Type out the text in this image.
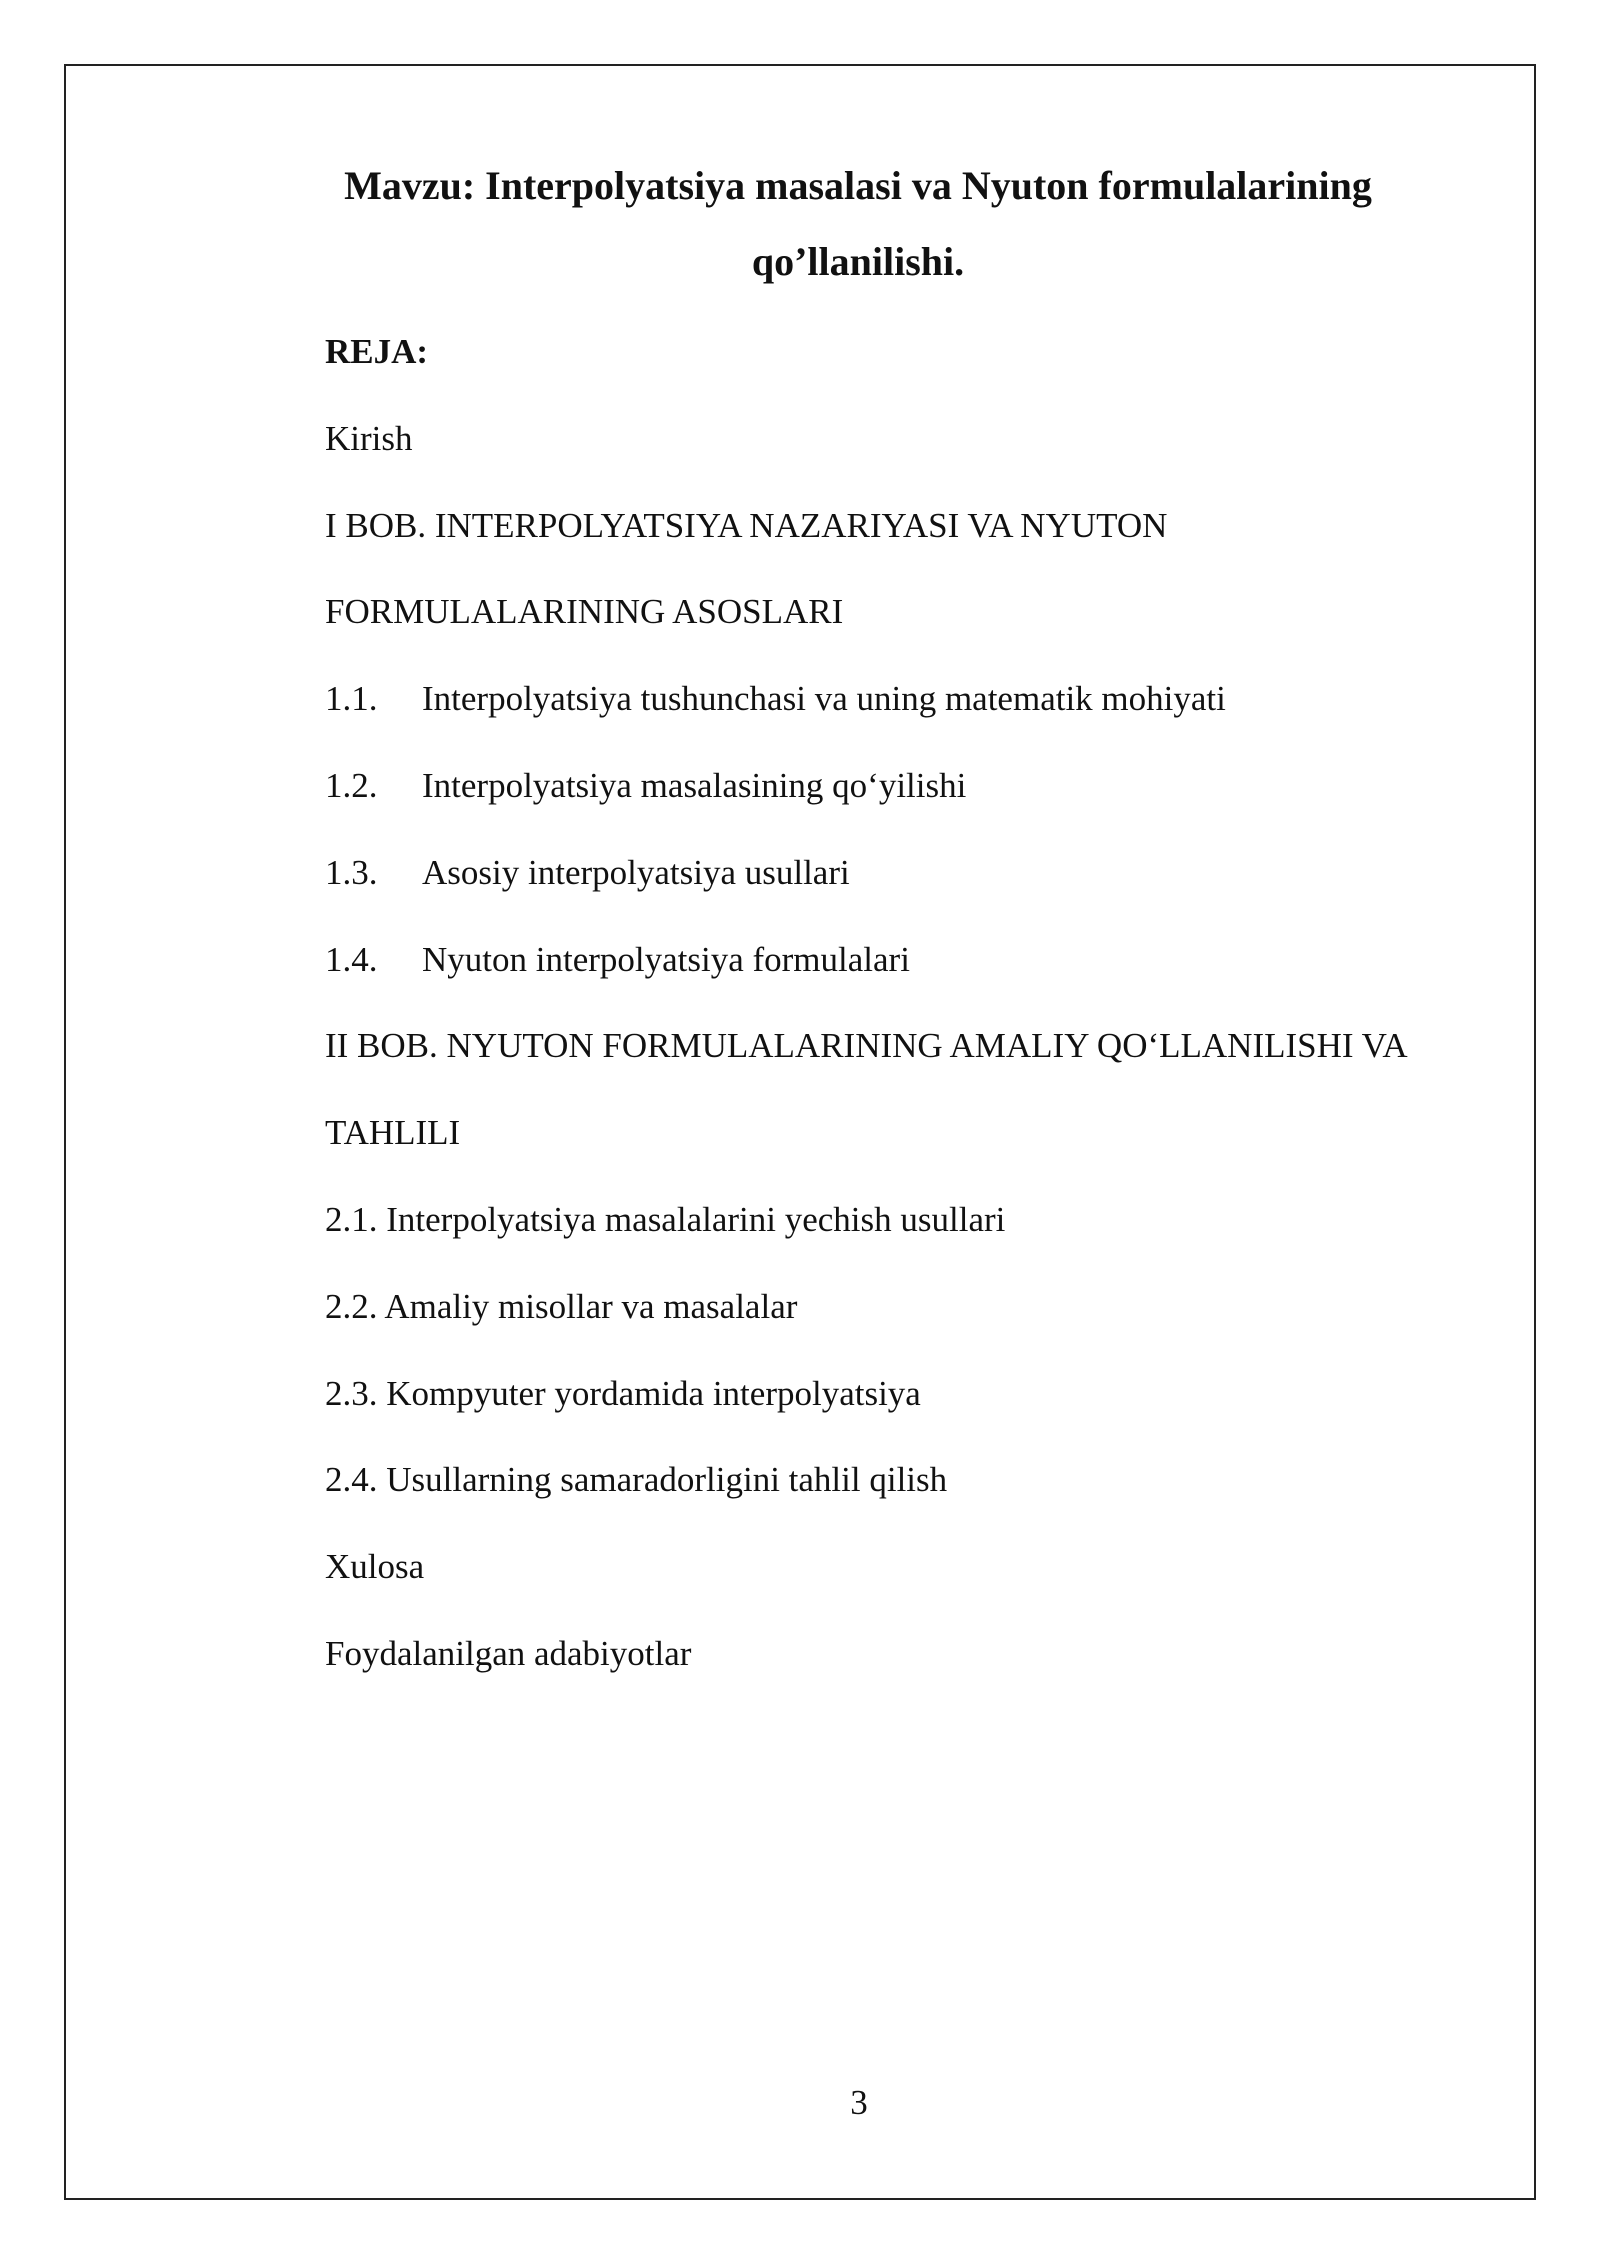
Mavzu: Interpolyatsiya masalasi va Nyuton formulalarining
qo’llanilishi.
REJA:
Kirish
I BOB. INTERPOLYATSIYA NAZARIYASI VA NYUTON
FORMULALARINING ASOSLARI
1.1. Interpolyatsiya tushunchasi va uning matematik mohiyati
1.2. Interpolyatsiya masalasining qo‘yilishi
1.3. Asosiy interpolyatsiya usullari
1.4. Nyuton interpolyatsiya formulalari
II BOB. NYUTON FORMULALARINING AMALIY QO‘LLANILISHI VA
TAHLILI
2.1. Interpolyatsiya masalalarini yechish usullari
2.2. Amaliy misollar va masalalar
2.3. Kompyuter yordamida interpolyatsiya
2.4. Usullarning samaradorligini tahlil qilish
Xulosa
Foydalanilgan adabiyotlar
3
